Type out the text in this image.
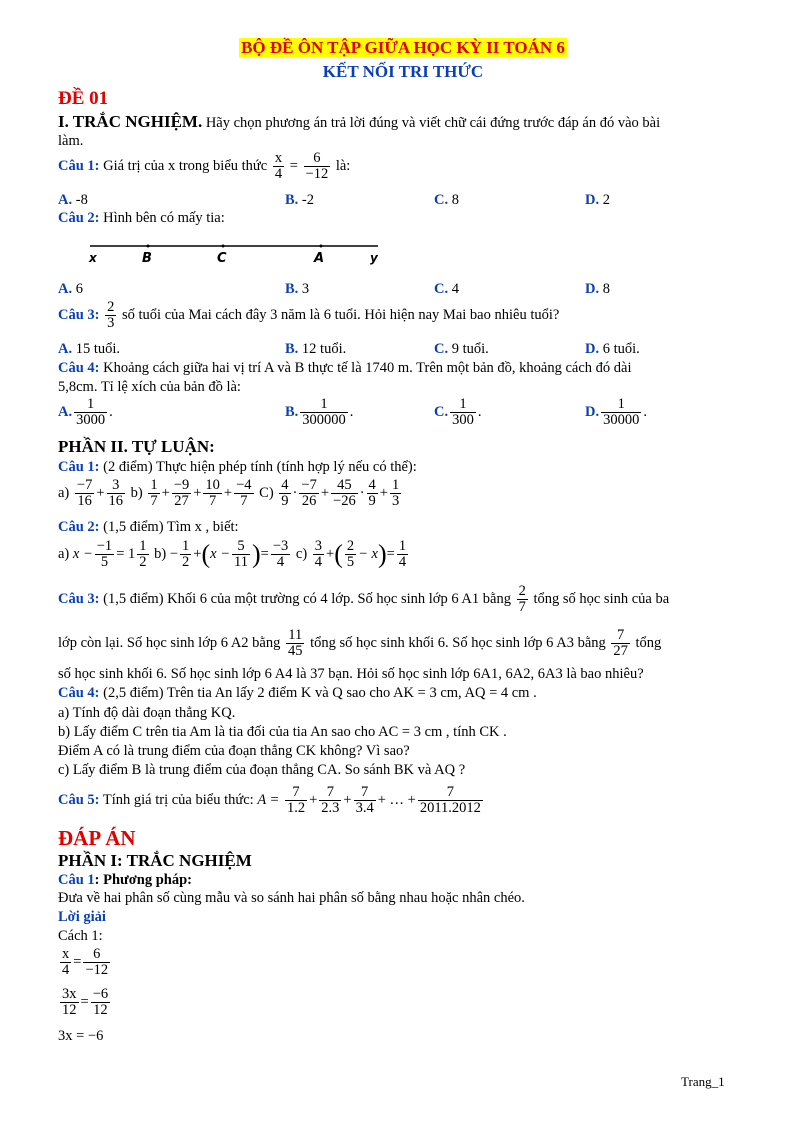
BỘ ĐỀ ÔN TẬP GIỮA HỌC KỲ II TOÁN 6
KẾT NỐI TRI THỨC
ĐỀ 01
I. TRẮC NGHIỆM. Hãy chọn phương án trả lời đúng và viết chữ cái đứng trước đáp án đó vào bài
làm.
Câu 1: Giá trị của x trong biểu thức $\frac{x}{4} = \frac{6}{-12}$ là:
A. -8	B. -2	C. 8	D. 2
Câu 2: Hình bên có mấy tia:
x	B	C	A	y
A. 6	B. 3	C. 4	D. 8
Câu 3: $\frac{2}{3}$ số tuổi của Mai cách đây 3 năm là 6 tuổi. Hỏi hiện nay Mai bao nhiêu tuổi?
A. 15 tuổi.	B. 12 tuổi.	C. 9 tuổi.	D. 6 tuổi.
Câu 4: Khoảng cách giữa hai vị trí A và B thực tế là 1740 m. Trên một bản đồ, khoảng cách đó dài
5,8cm. Tỉ lệ xích của bản đồ là:
A. $\frac{1}{3000}$ .	B. $\frac{1}{300000}$ .	C. $\frac{1}{300}$ .	D. $\frac{1}{30000}$ .
PHẦN II. TỰ LUẬN:
Câu 1: (2 điểm) Thực hiện phép tính (tính hợp lý nếu có thể):
$a) \frac{-7}{16} + \frac{3}{16} b) \frac{1}{7} + \frac{-9}{27} + \frac{10}{7} + \frac{-4}{7} C) \frac{4}{9} \cdot \frac{-7}{26} + \frac{45}{-26} \cdot \frac{4}{9} + \frac{1}{3}$
Câu 2: (1,5 điểm) Tìm x , biết:
a) $x - \frac{-1}{5} = 1 \frac{1}{2} b) - \frac{1}{2} +(x - \frac{5}{11}$ )= $\frac{-3}{4} c) \frac{3}{4}$ +( $\frac{2}{5} - x)= \frac{1}{4}$
Câu 3: (1,5 điểm) Khối 6 của một trường có 4 lớp. Số học sinh lớp 6 A1 bằng $\frac{2}{7}$ tổng số học sinh của ba
lớp còn lại. Số học sinh lớp 6 A2 bằng $\frac{11}{45}$ tổng số học sinh khối 6. Số học sinh lớp 6 A3 bằng $\frac{7}{27}$ tổng
số học sinh khối 6. Số học sinh lớp 6 A4 là 37 bạn. Hỏi số học sinh lớp 6A1, 6A2, 6A3 là bao nhiêu?
Câu 4: (2,5 điểm) Trên tia An lấy 2 điểm K và Q sao cho AK = 3 cm, AQ = 4 cm .
a) Tính độ dài đoạn thẳng KQ.
b) Lấy điểm C trên tia Am là tia đối của tia An sao cho AC = 3 cm , tính CK .
Điểm A có là trung điểm của đoạn thẳng CK không? Vì sao?
c) Lấy điểm B là trung điểm của đoạn thẳng CA. So sánh BK và AQ ?
Câu 5: Tính giá trị của biểu thức: $A = \frac{7}{1.2} + \frac{7}{2.3} + \frac{7}{3.4}$ + … + $\frac{7}{2011.2012}$
ĐÁP ÁN
PHẦN I: TRẮC NGHIỆM
Câu 1: Phương pháp:
Đưa về hai phân số cùng mẫu và so sánh hai phân số bằng nhau hoặc nhân chéo.
Lời giải
Cách 1:
$\frac{x}{4} = \frac{6}{-12}$
$\frac{3x}{12} = \frac{-6}{12}$
3x = −6
Trang_1
